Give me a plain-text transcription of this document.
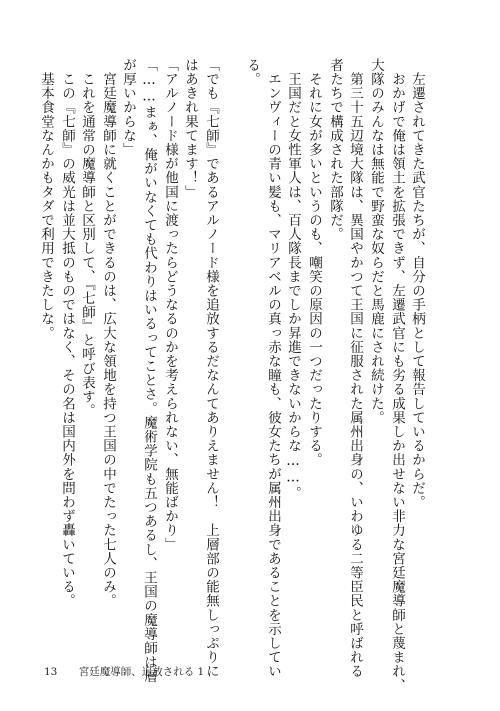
　左遷されてきた武官たちが、自分の手柄として報告しているからだ。
　おかげで俺は領土を拡張できず、左遷武官にも劣る成果しか出せない非力な宮廷魔導師と蔑まれ、
大隊のみんなは無能で野蛮な奴らだと馬鹿にされ続けた。
　第三十五辺境大隊は、異国やかつて王国に征服された属州出身の、いわゆる二等臣民と呼ばれる
者たちで構成された部隊だ。
　それに女が多いというのも、嘲笑の原因の一つだったりする。
　王国だと女性軍人は、百人隊長までしか昇進できないからな……。
　エンヴィーの青い髪も、マリアベルの真っ赤な瞳も、彼女たちが属州出身であることを示してい
る。
「でも『七師』であるアルノード様を追放するだなんてありえません！　上層部の能無しっぷりに
はあきれ果てます！」
「アルノード様が他国に渡ったらどうなるのかを考えられない、無能ばかり」
「……まぁ、俺がいなくても代わりはいるってことさ。魔術学院も五つあるし、王国の魔導師は層
が厚いからな」
　宮廷魔導師に就くことができるのは、広大な領地を持つ王国の中でたった七人のみ。
　これを通常の魔導師と区別して、『七師』と呼び表す。
　この『七師』の威光は並大抵のものではなく、その名は国内外を問わず轟いている。
　基本食堂なんかもタダで利用できたしな。
13 宮廷魔導師、追放される 1
